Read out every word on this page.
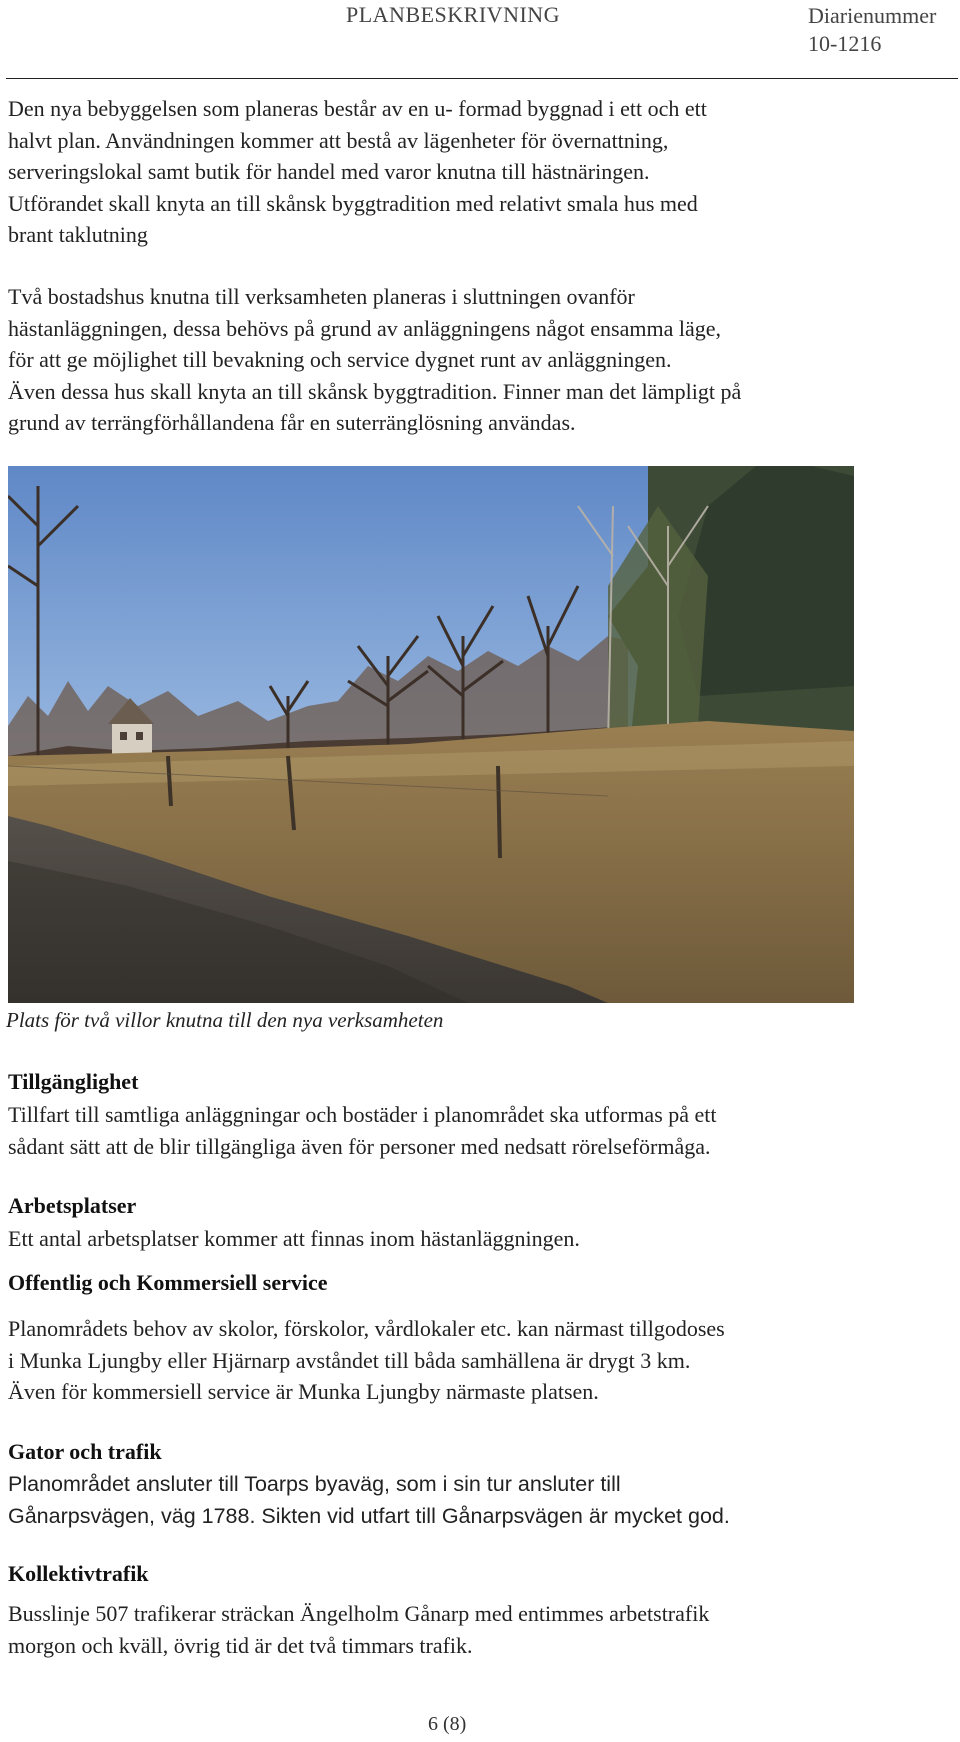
PLANBESKRIVNING	Diarienummer
10-1216
Den nya bebyggelsen som planeras består av en u- formad byggnad i ett och ett
halvt plan. Användningen kommer att bestå av lägenheter för övernattning,
serveringslokal samt butik för handel med varor knutna till hästnäringen.
Utförandet skall knyta an till skånsk byggtradition med relativt smala hus med
brant taklutning
Två bostadshus knutna till verksamheten planeras i sluttningen ovanför
hästanläggningen, dessa behövs på grund av anläggningens något ensamma läge,
för att ge möjlighet till bevakning och service dygnet runt av anläggningen.
Även dessa hus skall knyta an till skånsk byggtradition. Finner man det lämpligt på
grund av terrängförhållandena får en suterränglösning användas.
Plats för två villor knutna till den nya verksamheten
Tillgänglighet
Tillfart till samtliga anläggningar och bostäder i planområdet ska utformas på ett
sådant sätt att de blir tillgängliga även för personer med nedsatt rörelseförmåga.
Arbetsplatser
Ett antal arbetsplatser kommer att finnas inom hästanläggningen.
Offentlig och Kommersiell service
Planområdets behov av skolor, förskolor, vårdlokaler etc. kan närmast tillgodoses
i Munka Ljungby eller Hjärnarp avståndet till båda samhällena är drygt 3 km.
Även för kommersiell service är Munka Ljungby närmaste platsen.
Gator och trafik
Planområdet ansluter till Toarps byaväg, som i sin tur ansluter till
Gånarpsvägen, väg 1788. Sikten vid utfart till Gånarpsvägen är mycket god.
Kollektivtrafik
Busslinje 507 trafikerar sträckan Ängelholm Gånarp med entimmes arbetstrafik
morgon och kväll, övrig tid är det två timmars trafik.
6 (8)
